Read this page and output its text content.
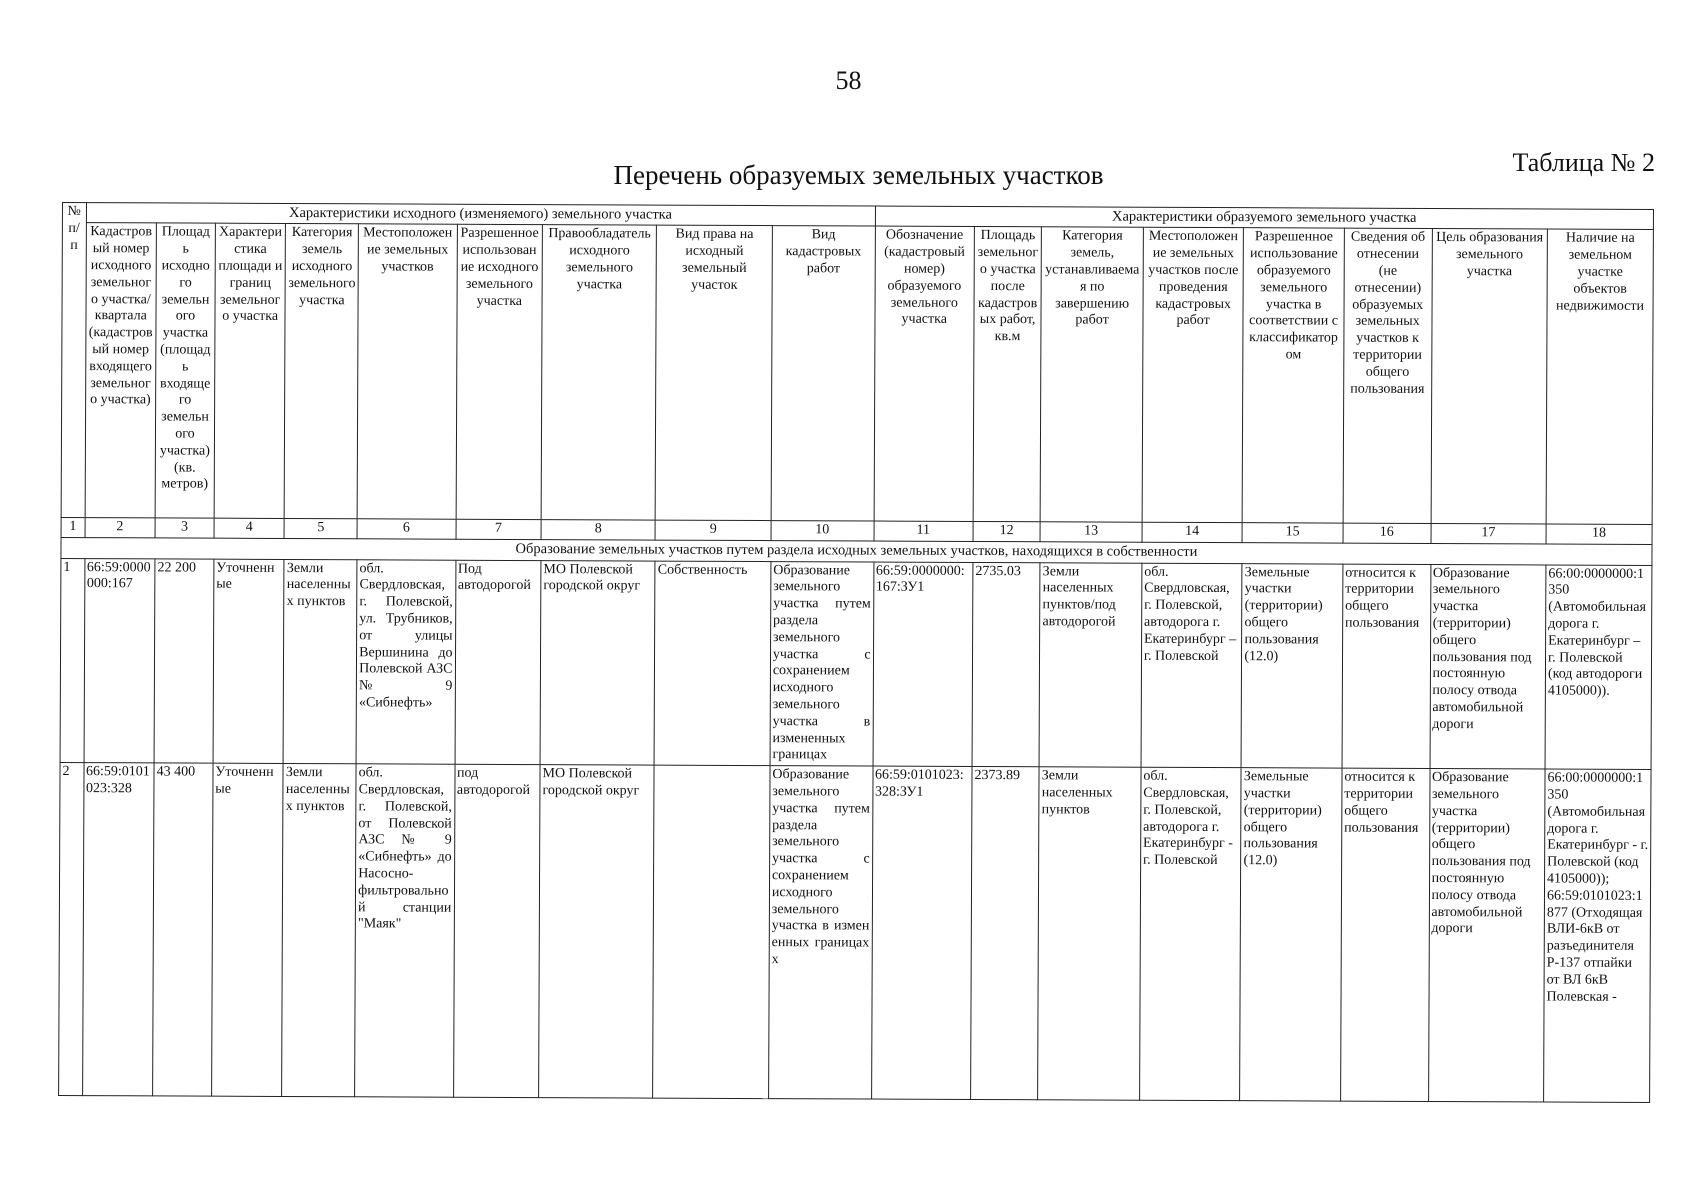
58
Таблица № 2
Перечень образуемых земельных участков
№ п/п	Характеристики исходного (изменяемого) земельного участка									Характеристики образуемого земельного участка							
	Кадастровый номер исходного земельного участка/ квартала (кадастровый номер входящего земельного участка)	Площадь исходного земельного участка (площадь входящего земельного участка) (кв. метров)	Характеристика площади и границ земельного участка	Категория земель исходного земельного участка	Местоположение земельных участков	Разрешенное использование исходного земельного участка	Правообладатель исходного земельного участка	Вид права на исходный земельный участок	Вид кадастровых работ	Обозначение (кадастровый номер) образуемого земельного участка	Площадь земельного участка после кадастровых работ, кв.м	Категория земель, устанавливаемая по завершению работ	Местоположение земельных участков после проведения кадастровых работ	Разрешенное использование образуемого земельного участка в соответствии с классификатором	Сведения об отнесении (не отнесении) образуемых земельных участков к территории общего пользования	Цель образования земельного участка	Наличие на земельном участке объектов недвижимости
1	2	3	4	5	6	7	8	9	10	11	12	13	14	15	16	17	18
Образование земельных участков путем раздела исходных земельных участков, находящихся в собственности																	
1	66:59:0000000:167	22 200	Уточненные	Земли населенных пунктов	обл. Свердловская, г. Полевской, ул. Трубников, от улицы Вершинина до Полевской АЗС № 9 «Сибнефть»	Под автодорогой	МО Полевской городской округ	Собственность	Образование земельного участка путем раздела земельного участка с сохранением исходного земельного участка в измененных границах	66:59:0000000:167:ЗУ1	2735.03	Земли населенных пунктов/под автодорогой	обл. Свердловская, г. Полевской, автодорога г. Екатеринбург – г. Полевской	Земельные участки (территории) общего пользования (12.0)	относится к территории общего пользования	Образование земельного участка (территории) общего пользования под постоянную полосу отвода автомобильной дороги	66:00:0000000:1350 (Автомобильная дорога г. Екатеринбург – г. Полевской (код автодороги 4105000)).
2	66:59:0101023:328	43 400	Уточненные	Земли населенных пунктов	обл. Свердловская, г. Полевской, от Полевской АЗС № 9 «Сибнефть» до Насосно-фильтровальной станции "Маяк"	под автодорогой	МО Полевской городской округ		Образование земельного участка путем раздела земельного участка с сохранением исходного земельного участка в измен енных границах х	66:59:0101023:328:ЗУ1	2373.89	Земли населенных пунктов	обл. Свердловская, г. Полевской, автодорога г. Екатеринбург - г. Полевской	Земельные участки (территории) общего пользования (12.0)	относится к территории общего пользования	Образование земельного участка (территории) общего пользования под постоянную полосу отвода автомобильной дороги	66:00:0000000:1350 (Автомобильная дорога г. Екатеринбург - г. Полевской (код 4105000)); 66:59:0101023:1877 (Отходящая ВЛИ-6кВ от разъединителя Р-137 отпайки от ВЛ 6кВ Полевская -
